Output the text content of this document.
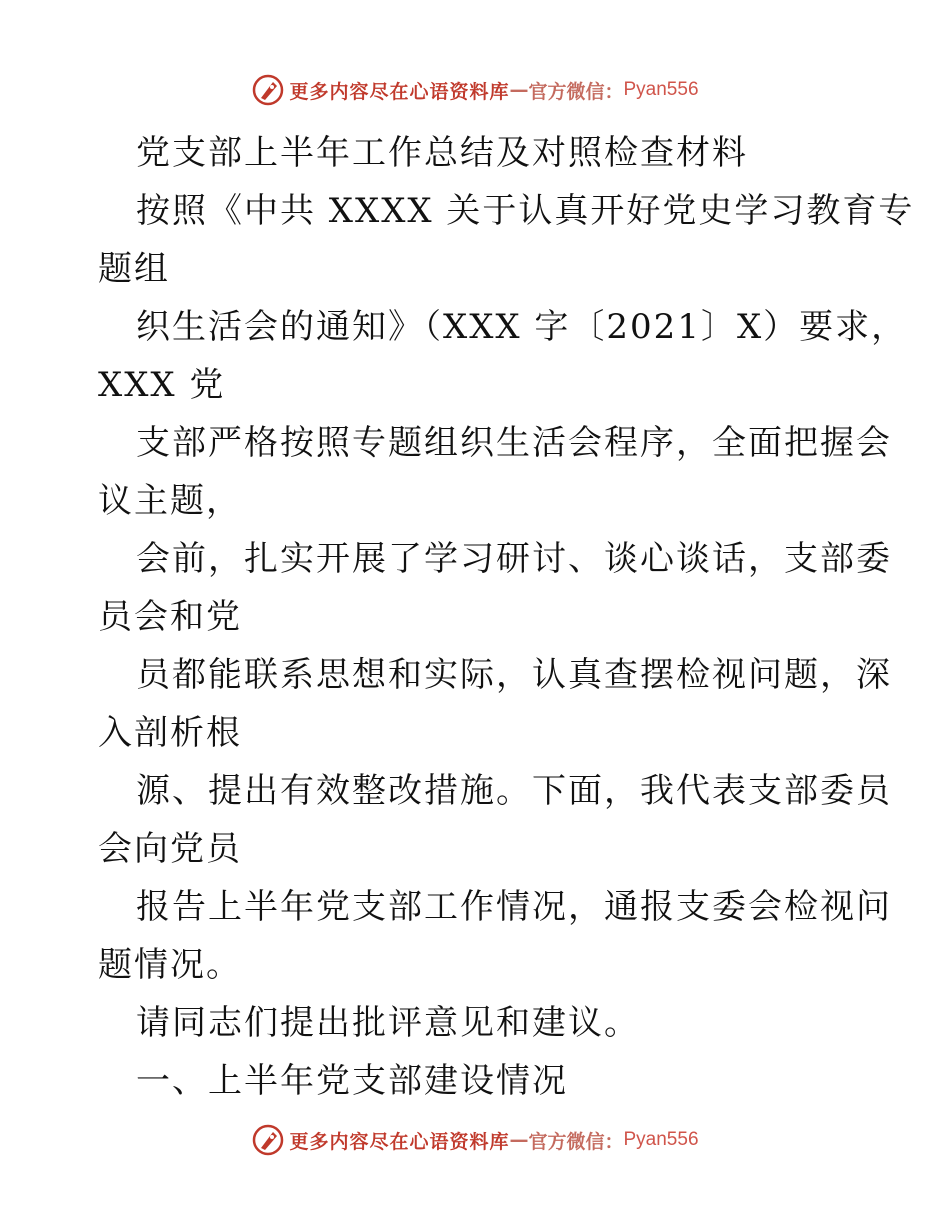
更多内容尽在心语资料库 — 官方微信： Pyan556
党支部上半年工作总结及对照检查材料
按照《中共 XXXX 关于认真开好党史学习教育专
题组
织生活会的通知》（XXX 字〔2021〕X）要求，
XXX 党
支部严格按照专题组织生活会程序，全面把握会
议主题，
会前，扎实开展了学习研讨、谈心谈话，支部委
员会和党
员都能联系思想和实际，认真查摆检视问题，深
入剖析根
源、提出有效整改措施。下面，我代表支部委员
会向党员
报告上半年党支部工作情况，通报支委会检视问
题情况。
请同志们提出批评意见和建议。
一、上半年党支部建设情况
更多内容尽在心语资料库 — 官方微信： Pyan556
